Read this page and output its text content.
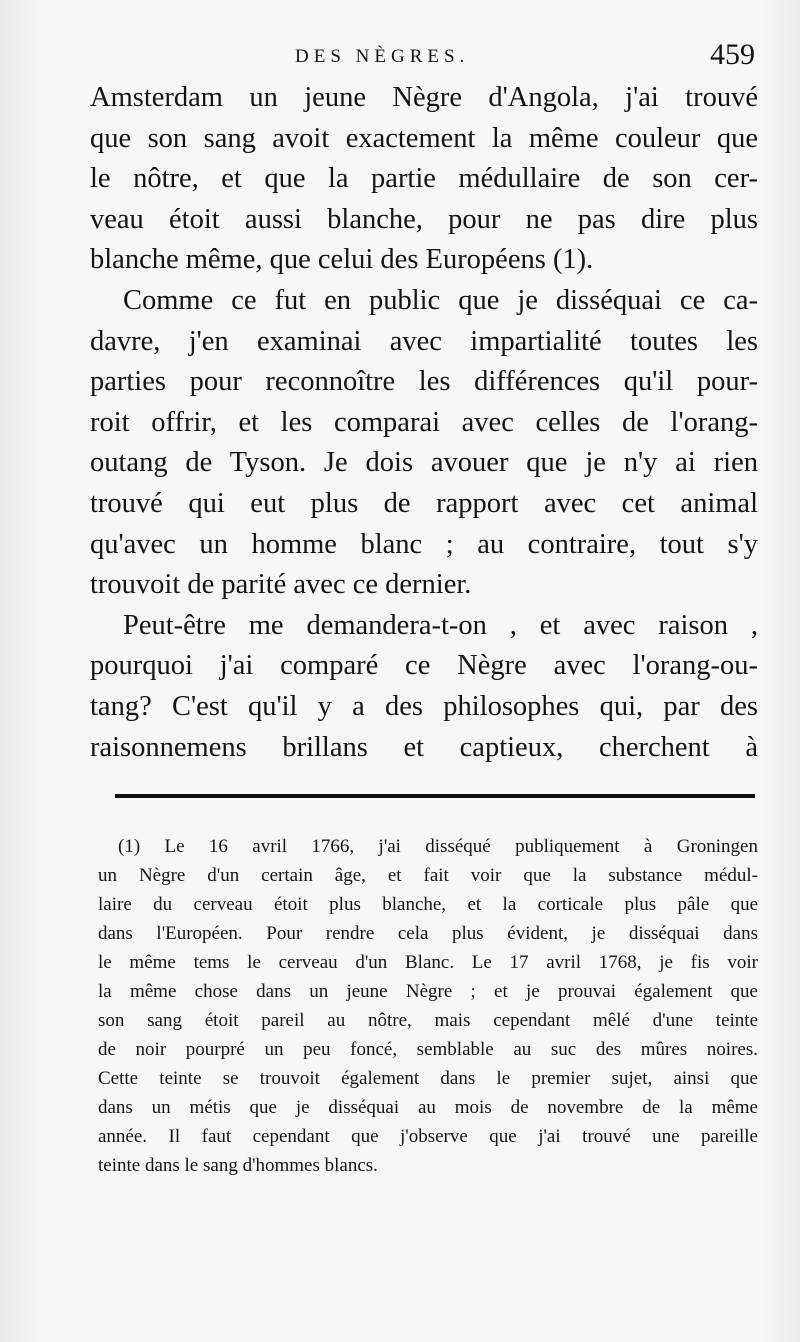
DES NÈGRES.	459
Amsterdam un jeune Nègre d'Angola, j'ai trouvé
que son sang avoit exactement la même couleur que
le nôtre, et que la partie médullaire de son cer-
veau étoit aussi blanche, pour ne pas dire plus
blanche même, que celui des Européens (1).
Comme ce fut en public que je disséquai ce ca-
davre, j'en examinai avec impartialité toutes les
parties pour reconnoître les différences qu'il pour-
roit offrir, et les comparai avec celles de l'orang-
outang de Tyson. Je dois avouer que je n'y ai rien
trouvé qui eut plus de rapport avec cet animal
qu'avec un homme blanc ; au contraire, tout s'y
trouvoit de parité avec ce dernier.
Peut-être me demandera-t-on , et avec raison ,
pourquoi j'ai comparé ce Nègre avec l'orang-ou-
tang? C'est qu'il y a des philosophes qui, par des
raisonnemens brillans et captieux, cherchent à
(1) Le 16 avril 1766, j'ai disséqué publiquement à Groningen
un Nègre d'un certain âge, et fait voir que la substance médul-
laire du cerveau étoit plus blanche, et la corticale plus pâle que
dans l'Européen. Pour rendre cela plus évident, je disséquai dans
le même tems le cerveau d'un Blanc. Le 17 avril 1768, je fis voir
la même chose dans un jeune Nègre ; et je prouvai également que
son sang étoit pareil au nôtre, mais cependant mêlé d'une teinte
de noir pourpré un peu foncé, semblable au suc des mûres noires.
Cette teinte se trouvoit également dans le premier sujet, ainsi que
dans un métis que je disséquai au mois de novembre de la même
année. Il faut cependant que j'observe que j'ai trouvé une pareille
teinte dans le sang d'hommes blancs.
